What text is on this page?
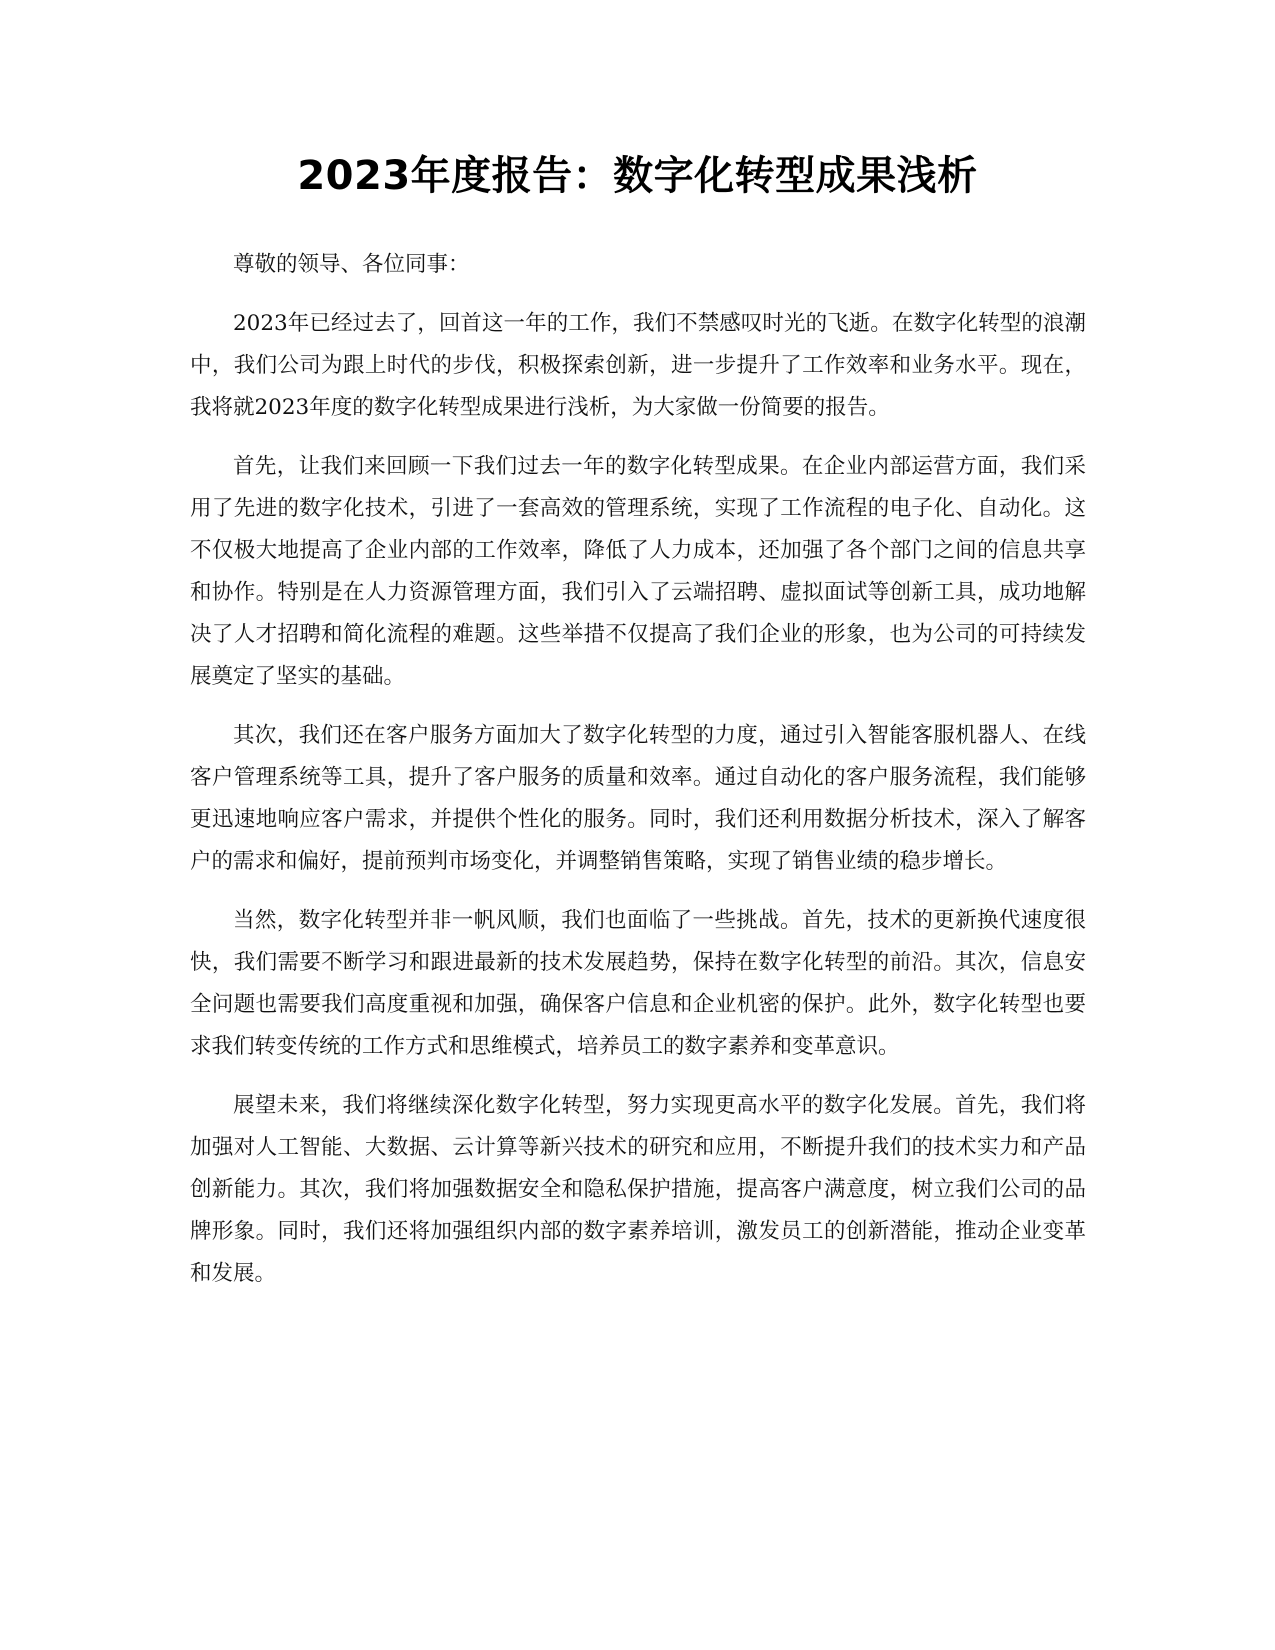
2023年度报告：数字化转型成果浅析

尊敬的领导、各位同事：

2023年已经过去了，回首这一年的工作，我们不禁感叹时光的飞逝。在数字化转型的浪潮中，我们公司为跟上时代的步伐，积极探索创新，进一步提升了工作效率和业务水平。现在，我将就2023年度的数字化转型成果进行浅析，为大家做一份简要的报告。

首先，让我们来回顾一下我们过去一年的数字化转型成果。在企业内部运营方面，我们采用了先进的数字化技术，引进了一套高效的管理系统，实现了工作流程的电子化、自动化。这不仅极大地提高了企业内部的工作效率，降低了人力成本，还加强了各个部门之间的信息共享和协作。特别是在人力资源管理方面，我们引入了云端招聘、虚拟面试等创新工具，成功地解决了人才招聘和简化流程的难题。这些举措不仅提高了我们企业的形象，也为公司的可持续发展奠定了坚实的基础。

其次，我们还在客户服务方面加大了数字化转型的力度，通过引入智能客服机器人、在线客户管理系统等工具，提升了客户服务的质量和效率。通过自动化的客户服务流程，我们能够更迅速地响应客户需求，并提供个性化的服务。同时，我们还利用数据分析技术，深入了解客户的需求和偏好，提前预判市场变化，并调整销售策略，实现了销售业绩的稳步增长。

当然，数字化转型并非一帆风顺，我们也面临了一些挑战。首先，技术的更新换代速度很快，我们需要不断学习和跟进最新的技术发展趋势，保持在数字化转型的前沿。其次，信息安全问题也需要我们高度重视和加强，确保客户信息和企业机密的保护。此外，数字化转型也要求我们转变传统的工作方式和思维模式，培养员工的数字素养和变革意识。

展望未来，我们将继续深化数字化转型，努力实现更高水平的数字化发展。首先，我们将加强对人工智能、大数据、云计算等新兴技术的研究和应用，不断提升我们的技术实力和产品创新能力。其次，我们将加强数据安全和隐私保护措施，提高客户满意度，树立我们公司的品牌形象。同时，我们还将加强组织内部的数字素养培训，激发员工的创新潜能，推动企业变革和发展。
